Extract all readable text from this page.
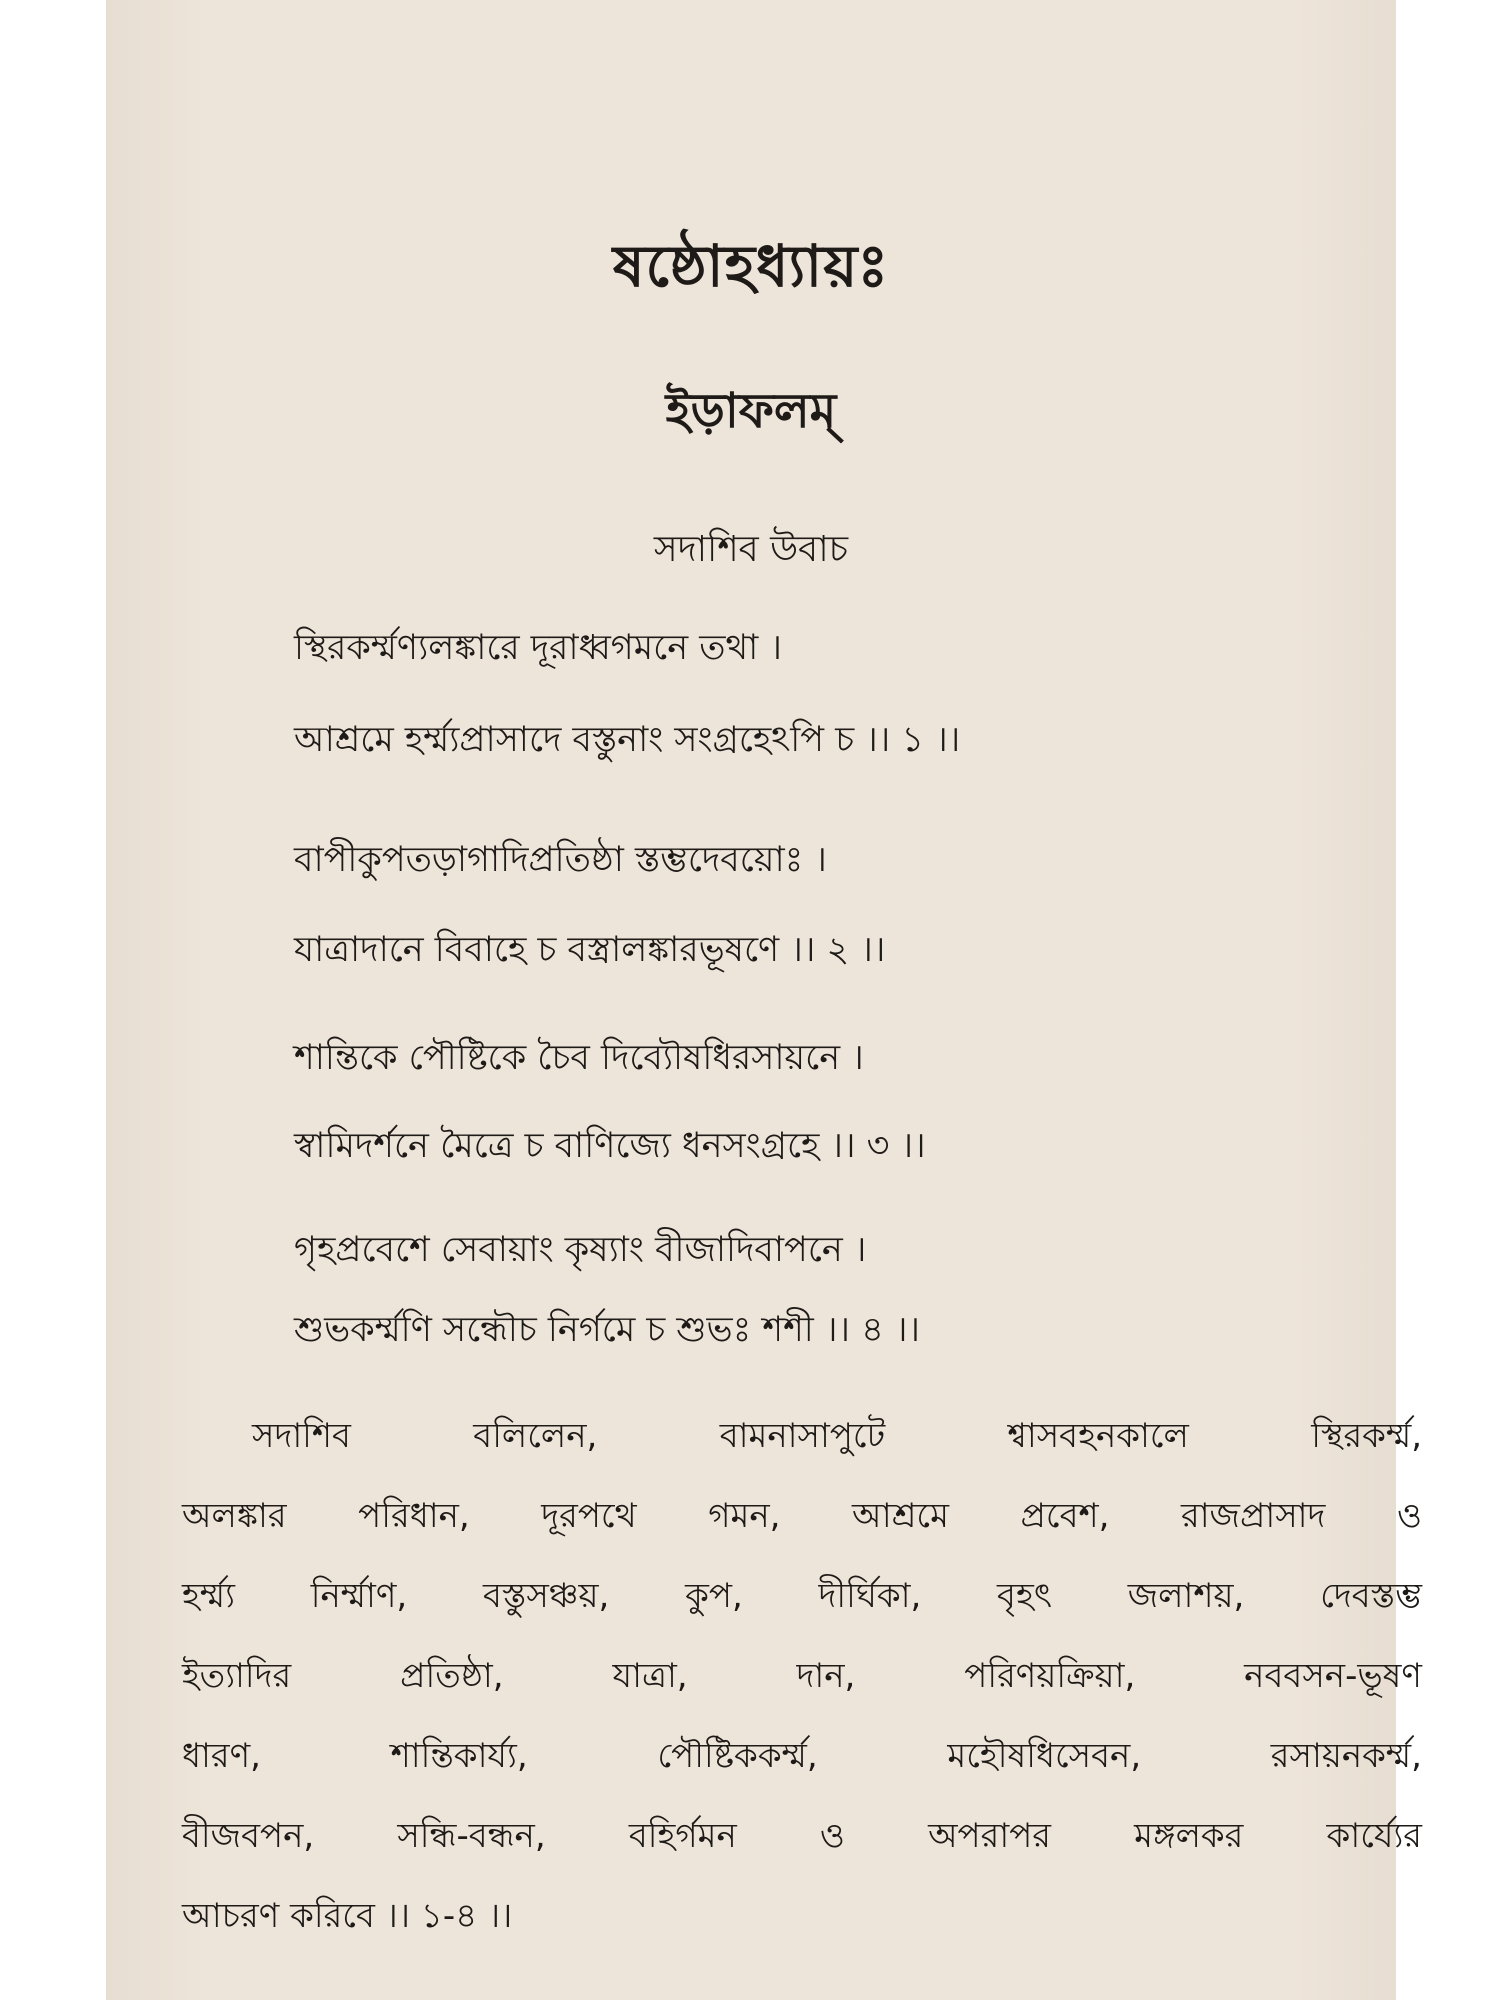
ষষ্ঠোহধ্যায়ঃ
ইড়াফলম্
সদাশিব উবাচ
স্থিরকর্ম্মণ্যলঙ্কারে দূরাধ্বগমনে তথা ।
আশ্রমে হর্ম্ম্যপ্রাসাদে বস্তুনাং সংগ্রহেঽপি চ ।। ১ ।।
বাপীকুপতড়াগাদিপ্রতিষ্ঠা স্তম্ভদেবয়োঃ ।
যাত্রাদানে বিবাহে চ বস্ত্রালঙ্কারভূষণে ।। ২ ।।
শান্তিকে পৌষ্টিকে চৈব দিব্যৌষধিরসায়নে ।
স্বামিদর্শনে মৈত্রে চ বাণিজ্যে ধনসংগ্রহে ।। ৩ ।।
গৃহপ্রবেশে সেবায়াং কৃষ্যাং বীজাদিবাপনে ।
শুভকর্ম্মণি সন্ধৌচ নির্গমে চ শুভঃ শশী ।। ৪ ।।
সদাশিব বলিলেন, বামনাসাপুটে শ্বাসবহনকালে স্থিরকর্ম্ম,
অলঙ্কার পরিধান, দূরপথে গমন, আশ্রমে প্রবেশ, রাজপ্রাসাদ ও
হর্ম্ম্য নির্ম্মাণ, বস্তুসঞ্চয়, কুপ, দীর্ঘিকা, বৃহৎ জলাশয়, দেবস্তম্ভ
ইত্যাদির প্রতিষ্ঠা, যাত্রা, দান, পরিণয়ক্রিয়া, নববসন-ভূষণ
ধারণ, শান্তিকার্য্য, পৌষ্টিককর্ম্ম, মহৌষধিসেবন, রসায়নকর্ম্ম,
বীজবপন, সন্ধি-বন্ধন, বহির্গমন ও অপরাপর মঙ্গলকর কার্য্যের
আচরণ করিবে ।। ১-৪ ।।
